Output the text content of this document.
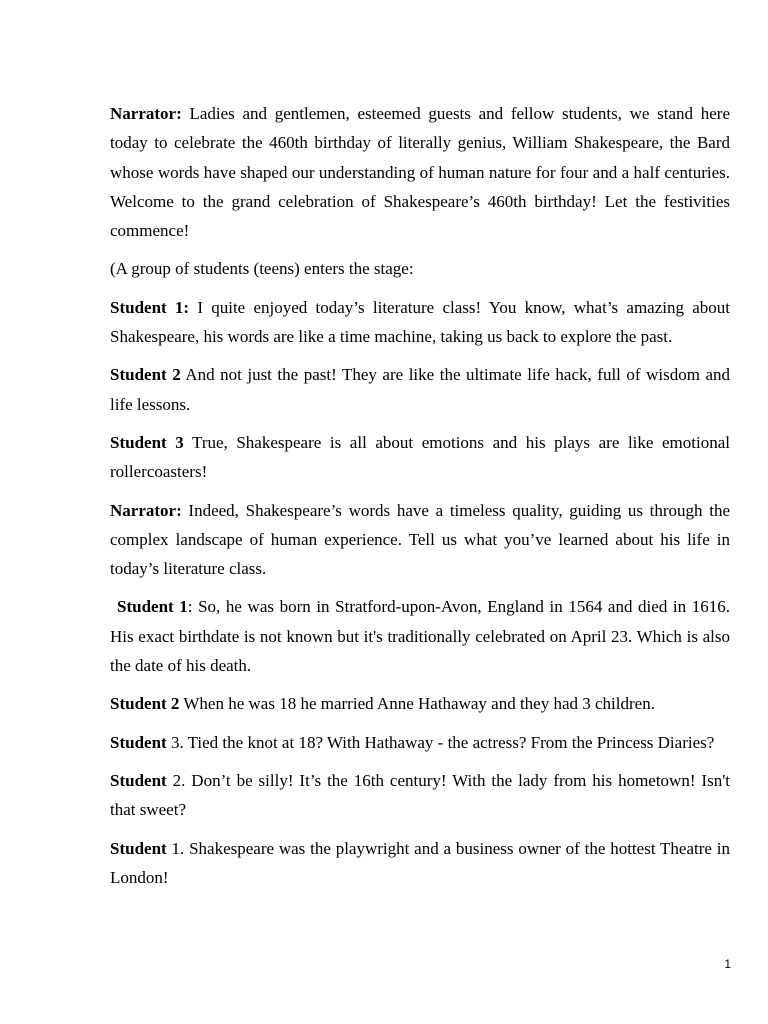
Narrator: Ladies and gentlemen, esteemed guests and fellow students, we stand here today to celebrate the 460th birthday of literally genius, William Shakespeare, the Bard whose words have shaped our understanding of human nature for four and a half centuries. Welcome to the grand celebration of Shakespeare’s 460th birthday! Let the festivities commence!

(A group of students (teens) enters the stage:

Student 1: I quite enjoyed today’s literature class! You know, what’s amazing about Shakespeare, his words are like a time machine, taking us back to explore the past.

Student 2 And not just the past! They are like the ultimate life hack, full of wisdom and life lessons.

Student 3 True, Shakespeare is all about emotions and his plays are like emotional rollercoasters!

Narrator: Indeed, Shakespeare’s words have a timeless quality, guiding us through the complex landscape of human experience. Tell us what you’ve learned about his life in today’s literature class.

Student 1: So, he was born in Stratford-upon-Avon, England in 1564 and died in 1616. His exact birthdate is not known but it's traditionally celebrated on April 23. Which is also the date of his death.

Student 2 When he was 18 he married Anne Hathaway and they had 3 children.

Student 3. Tied the knot at 18? With Hathaway - the actress? From the Princess Diaries?

Student 2. Don’t be silly! It’s the 16th century! With the lady from his hometown! Isn't that sweet?

Student 1. Shakespeare was the playwright and a business owner of the hottest Theatre in London!

1
